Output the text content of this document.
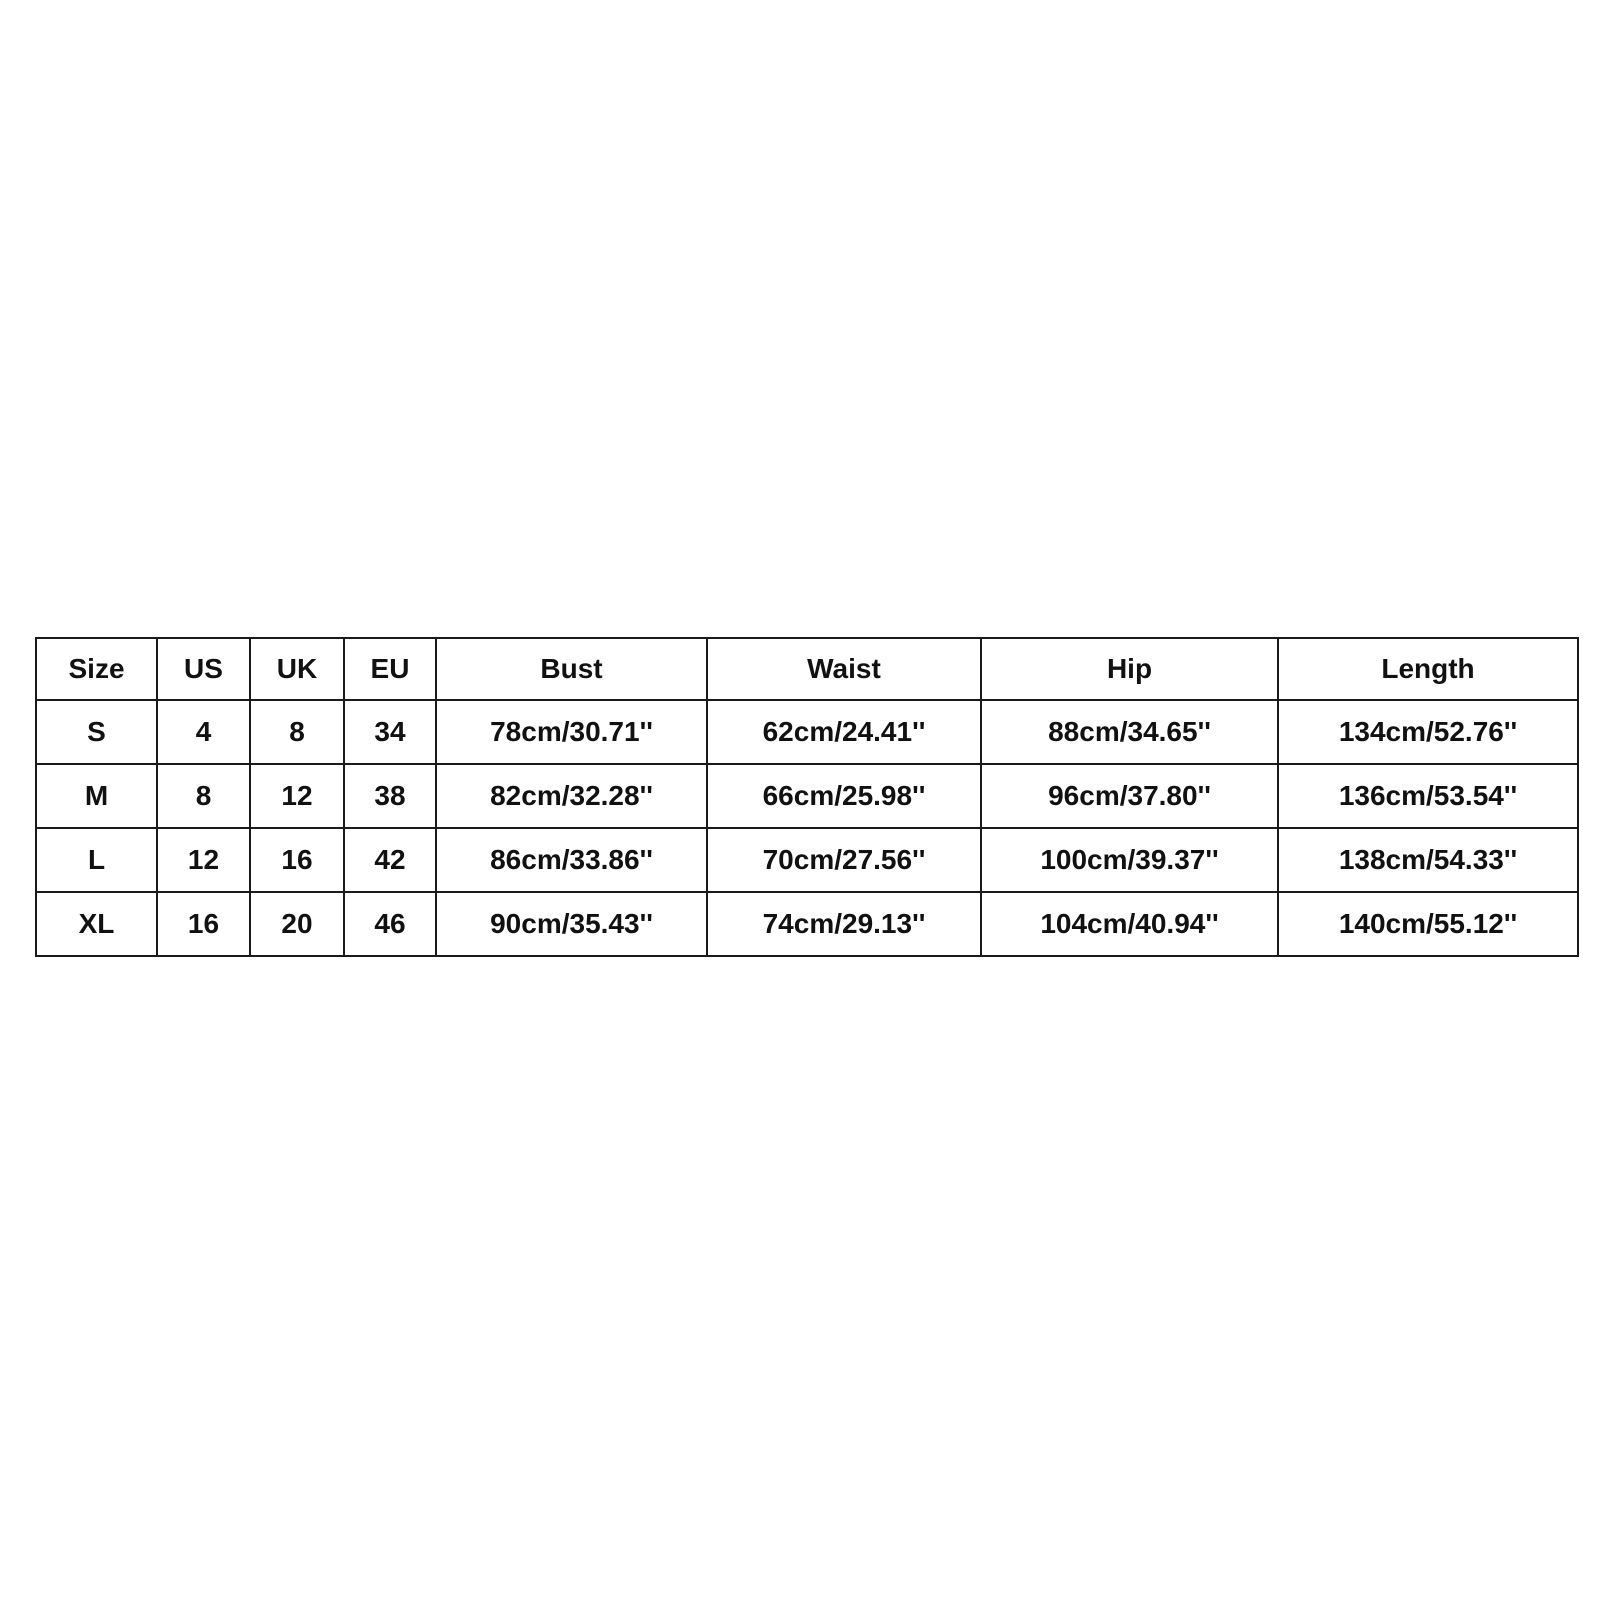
Size	US	UK	EU	Bust	Waist	Hip	Length
S	4	8	34	78cm/30.71''	62cm/24.41''	88cm/34.65''	134cm/52.76''
M	8	12	38	82cm/32.28''	66cm/25.98''	96cm/37.80''	136cm/53.54''
L	12	16	42	86cm/33.86''	70cm/27.56''	100cm/39.37''	138cm/54.33''
XL	16	20	46	90cm/35.43''	74cm/29.13''	104cm/40.94''	140cm/55.12''
